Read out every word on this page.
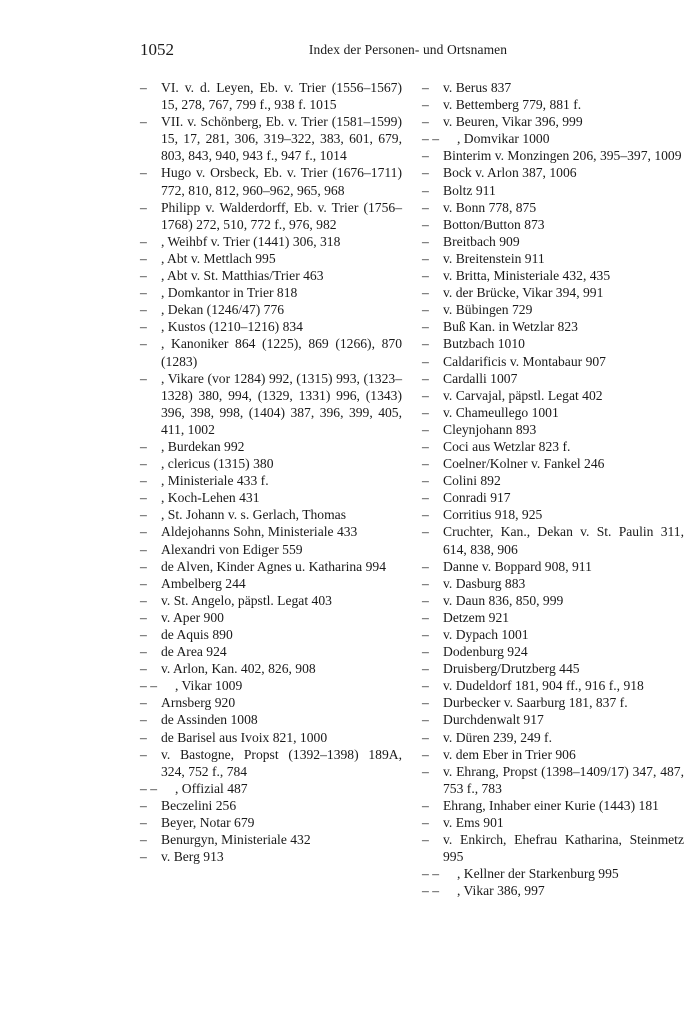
1052	Index der Personen- und Ortsnamen
– VI. v. d. Leyen, Eb. v. Trier (1556–1567) 15, 278, 767, 799 f., 938 f. 1015
– VII. v. Schönberg, Eb. v. Trier (1581–1599) 15, 17, 281, 306, 319–322, 383, 601, 679, 803, 843, 940, 943 f., 947 f., 1014
– Hugo v. Orsbeck, Eb. v. Trier (1676–1711) 772, 810, 812, 960–962, 965, 968
– Philipp v. Walderdorff, Eb. v. Trier (1756–1768) 272, 510, 772 f., 976, 982
– , Weihbf v. Trier (1441) 306, 318
– , Abt v. Mettlach 995
– , Abt v. St. Matthias/Trier 463
– , Domkantor in Trier 818
– , Dekan (1246/47) 776
– , Kustos (1210–1216) 834
– , Kanoniker 864 (1225), 869 (1266), 870 (1283)
– , Vikare (vor 1284) 992, (1315) 993, (1323–1328) 380, 994, (1329, 1331) 996, (1343) 396, 398, 998, (1404) 387, 396, 399, 405, 411, 1002
– , Burdekan 992
– , clericus (1315) 380
– , Ministeriale 433 f.
– , Koch-Lehen 431
– , St. Johann v. s. Gerlach, Thomas
– Aldejohanns Sohn, Ministeriale 433
– Alexandri von Ediger 559
– de Alven, Kinder Agnes u. Katharina 994
– Ambelberg 244
– v. St. Angelo, päpstl. Legat 403
– v. Aper 900
– de Aquis 890
– de Area 924
– v. Arlon, Kan. 402, 826, 908
– –	, Vikar 1009
– Arnsberg 920
– de Assinden 1008
– de Barisel aus Ivoix 821, 1000
– v. Bastogne, Propst (1392–1398) 189A, 324, 752 f., 784
– –	, Offizial 487
– Beczelini 256
– Beyer, Notar 679
– Benurgyn, Ministeriale 432
– v. Berg 913
– v. Berus 837
– v. Bettemberg 779, 881 f.
– v. Beuren, Vikar 396, 999
– –	, Domvikar 1000
– Binterim v. Monzingen 206, 395–397, 1009
– Bock v. Arlon 387, 1006
– Boltz 911
– v. Bonn 778, 875
– Botton/Button 873
– Breitbach 909
– v. Breitenstein 911
– v. Britta, Ministeriale 432, 435
– v. der Brücke, Vikar 394, 991
– v. Bübingen 729
– Buß Kan. in Wetzlar 823
– Butzbach 1010
– Caldarificis v. Montabaur 907
– Cardalli 1007
– v. Carvajal, päpstl. Legat 402
– v. Chameullego 1001
– Cleynjohann 893
– Coci aus Wetzlar 823 f.
– Coelner/Kolner v. Fankel 246
– Colini 892
– Conradi 917
– Corritius 918, 925
– Cruchter, Kan., Dekan v. St. Paulin 311, 614, 838, 906
– Danne v. Boppard 908, 911
– v. Dasburg 883
– v. Daun 836, 850, 999
– Detzem 921
– v. Dypach 1001
– Dodenburg 924
– Druisberg/Drutzberg 445
– v. Dudeldorf 181, 904 ff., 916 f., 918
– Durbecker v. Saarburg 181, 837 f.
– Durchdenwalt 917
– v. Düren 239, 249 f.
– v. dem Eber in Trier 906
– v. Ehrang, Propst (1398–1409/17) 347, 487, 753 f., 783
– Ehrang, Inhaber einer Kurie (1443) 181
– v. Ems 901
– v. Enkirch, Ehefrau Katharina, Steinmetz 995
– –	, Kellner der Starkenburg 995
– –	, Vikar 386, 997
